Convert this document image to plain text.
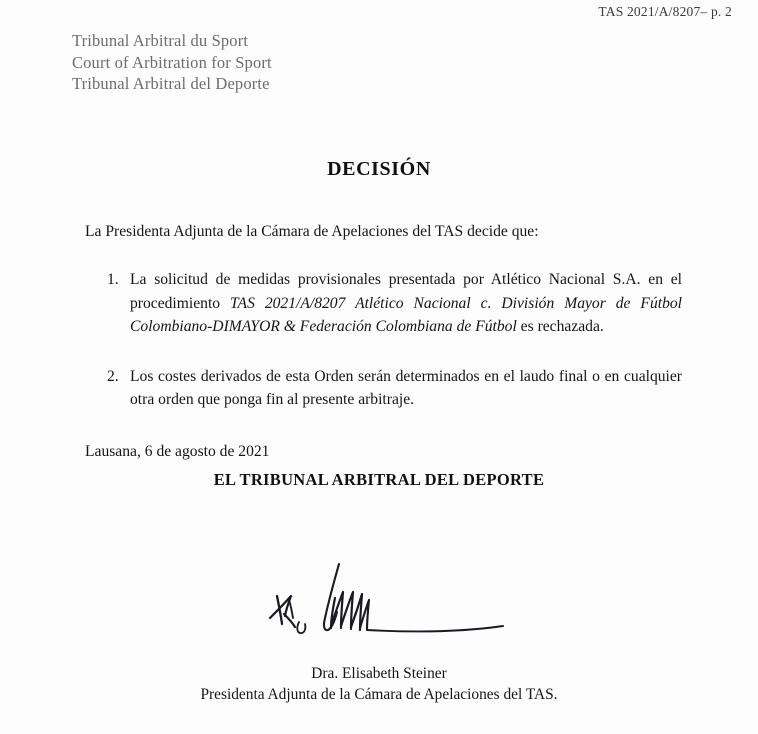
Tribunal Arbitral du Sport
Court of Arbitration for Sport
Tribunal Arbitral del Deporte
TAS 2021/A/8207– p. 2
DECISIÓN
La Presidenta Adjunta de la Cámara de Apelaciones del TAS decide que:
1. La solicitud de medidas provisionales presentada por Atlético Nacional S.A. en el procedimiento TAS 2021/A/8207 Atlético Nacional c. División Mayor de Fútbol Colombiano-DIMAYOR & Federación Colombiana de Fútbol es rechazada.
2. Los costes derivados de esta Orden serán determinados en el laudo final o en cualquier otra orden que ponga fin al presente arbitraje.
Lausana, 6 de agosto de 2021
EL TRIBUNAL ARBITRAL DEL DEPORTE
Dra. Elisabeth Steiner
Presidenta Adjunta de la Cámara de Apelaciones del TAS.
